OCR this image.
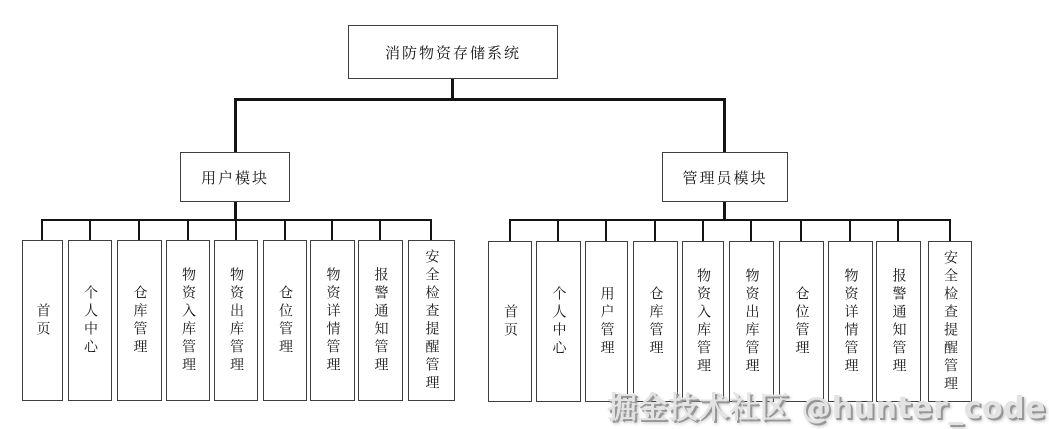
消防物资存储系统
用户模块	管理员模块
首页 个人中心 仓库管理 物资入库管理 物资出库管理 仓位管理 物资详情管理 报警通知管理	安全检查提醒管理	首页 个人中心 用户管理 仓库管理 物资入库管理 物资出库管理 仓位管理 物资详情管理 报警通知管理	安全检查提醒管理
掘金技术社区 @hunter_code
